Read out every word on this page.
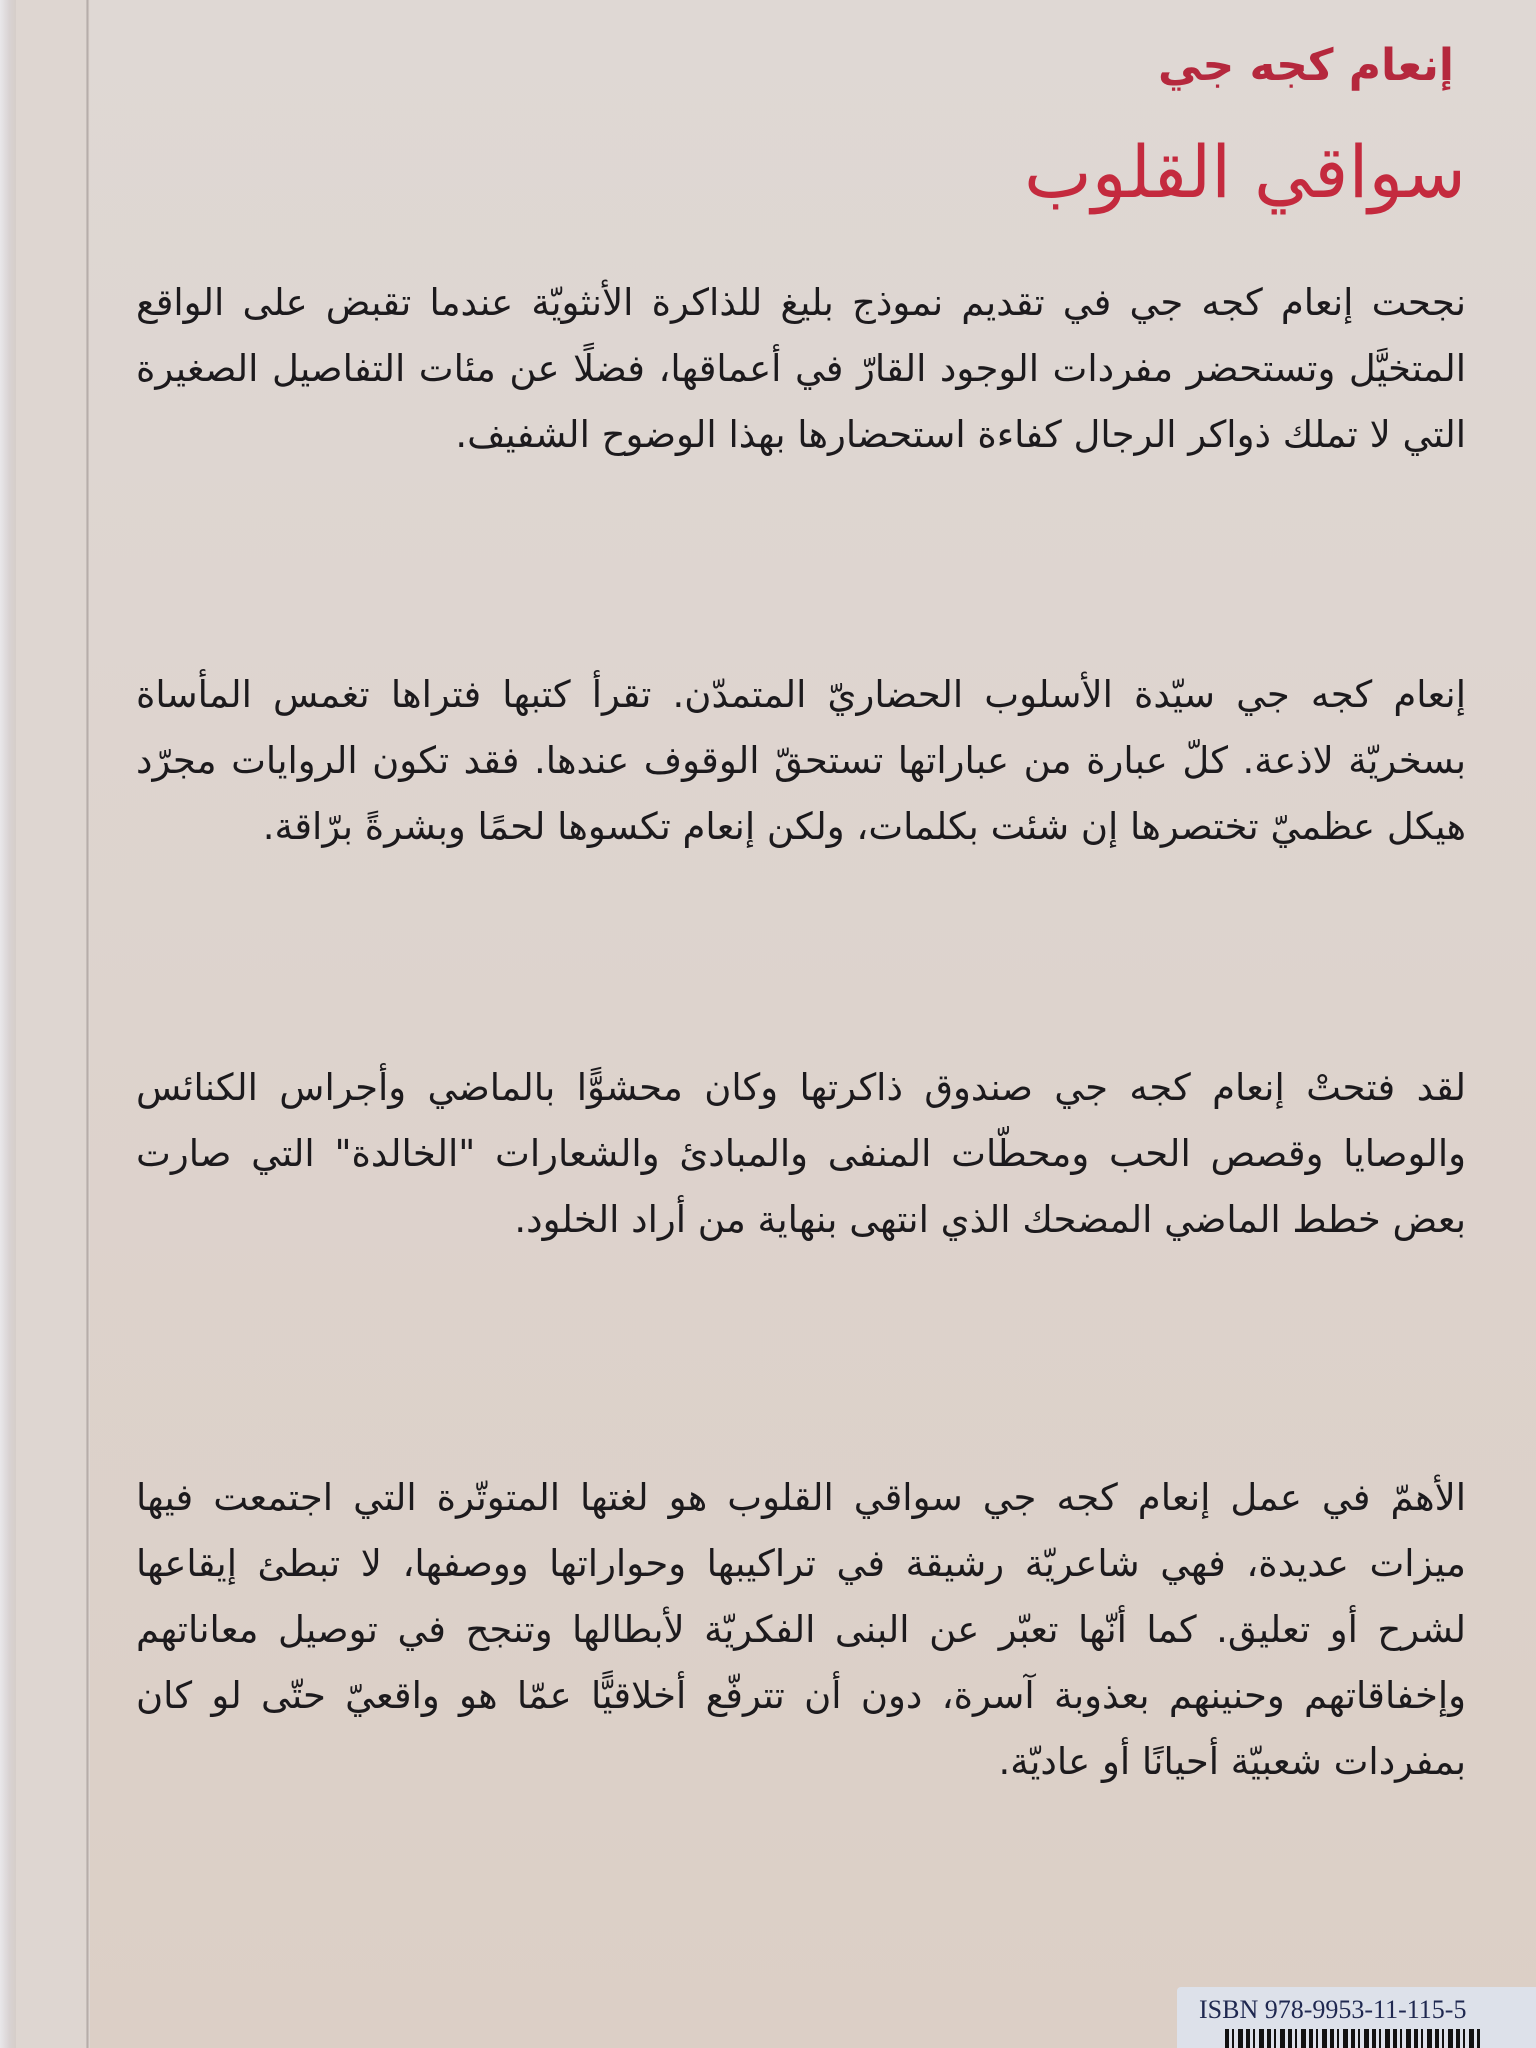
إنعام كجه جي
سواقي القلوب
نجحت إنعام كجه جي في تقديم نموذج بليغ للذاكرة الأنثويّة عندما تقبض على الواقع المتخيَّل وتستحضر مفردات الوجود القارّ في أعماقها، فضلًا عن مئات التفاصيل الصغيرة التي لا تملك ذواكر الرجال كفاءة استحضارها بهذا الوضوح الشفيف.
إنعام كجه جي سيّدة الأسلوب الحضاريّ المتمدّن. تقرأ كتبها فتراها تغمس المأساة بسخريّة لاذعة. كلّ عبارة من عباراتها تستحقّ الوقوف عندها. فقد تكون الروايات مجرّد هيكل عظميّ تختصرها إن شئت بكلمات، ولكن إنعام تكسوها لحمًا وبشرةً برّاقة.
لقد فتحتْ إنعام كجه جي صندوق ذاكرتها وكان محشوًّا بالماضي وأجراس الكنائس والوصايا وقصص الحب ومحطّات المنفى والمبادئ والشعارات "الخالدة" التي صارت بعض خطط الماضي المضحك الذي انتهى بنهاية من أراد الخلود.
الأهمّ في عمل إنعام كجه جي سواقي القلوب هو لغتها المتوتّرة التي اجتمعت فيها ميزات عديدة، فهي شاعريّة رشيقة في تراكيبها وحواراتها ووصفها، لا تبطئ إيقاعها لشرح أو تعليق. كما أنّها تعبّر عن البنى الفكريّة لأبطالها وتنجح في توصيل معاناتهم وإخفاقاتهم وحنينهم بعذوبة آسرة، دون أن تترفّع أخلاقيًّا عمّا هو واقعيّ حتّى لو كان بمفردات شعبيّة أحيانًا أو عاديّة.
ISBN 978-9953-11-115-5
